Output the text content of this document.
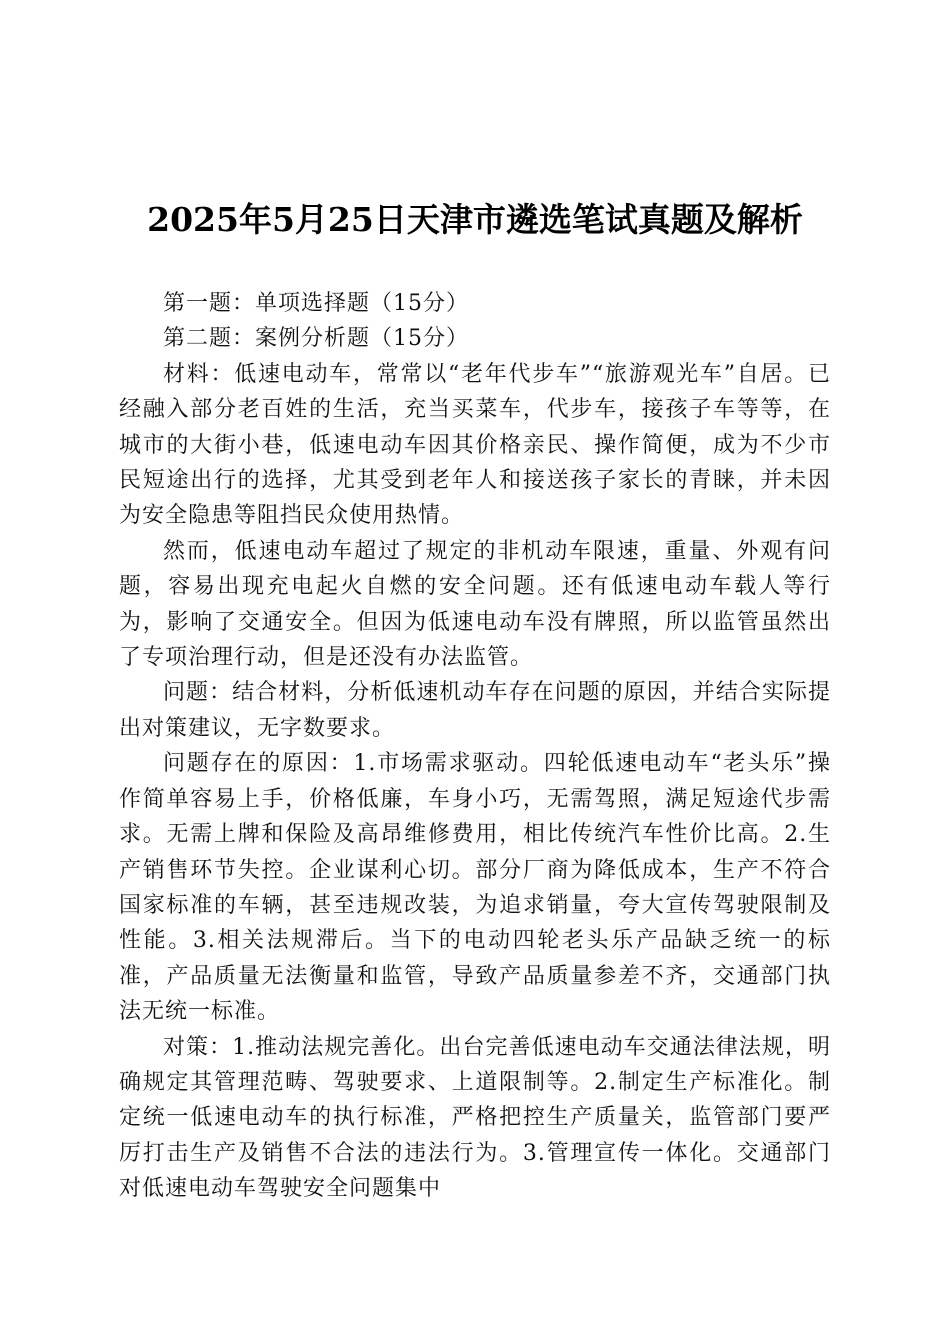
2025年5月25日天津市遴选笔试真题及解析

第一题：单项选择题（15分）

第二题：案例分析题（15分）

材料：低速电动车，常常以“老年代步车”“旅游观光车”自居。已经融入部分老百姓的生活，充当买菜车，代步车，接孩子车等等，在城市的大街小巷，低速电动车因其价格亲民、操作简便，成为不少市民短途出行的选择，尤其受到老年人和接送孩子家长的青睐，并未因为安全隐患等阻挡民众使用热情。

然而，低速电动车超过了规定的非机动车限速，重量、外观有问题，容易出现充电起火自燃的安全问题。还有低速电动车载人等行为，影响了交通安全。但因为低速电动车没有牌照，所以监管虽然出了专项治理行动，但是还没有办法监管。

问题：结合材料，分析低速机动车存在问题的原因，并结合实际提出对策建议，无字数要求。

问题存在的原因：1.市场需求驱动。四轮低速电动车“老头乐”操作简单容易上手，价格低廉，车身小巧，无需驾照，满足短途代步需求。无需上牌和保险及高昂维修费用，相比传统汽车性价比高。2.生产销售环节失控。企业谋利心切。部分厂商为降低成本，生产不符合国家标准的车辆，甚至违规改装，为追求销量，夸大宣传驾驶限制及性能。3.相关法规滞后。当下的电动四轮老头乐产品缺乏统一的标准，产品质量无法衡量和监管，导致产品质量参差不齐，交通部门执法无统一标准。

对策：1.推动法规完善化。出台完善低速电动车交通法律法规，明确规定其管理范畴、驾驶要求、上道限制等。2.制定生产标准化。制定统一低速电动车的执行标准，严格把控生产质量关，监管部门要严厉打击生产及销售不合法的违法行为。3.管理宣传一体化。交通部门对低速电动车驾驶安全问题集中
